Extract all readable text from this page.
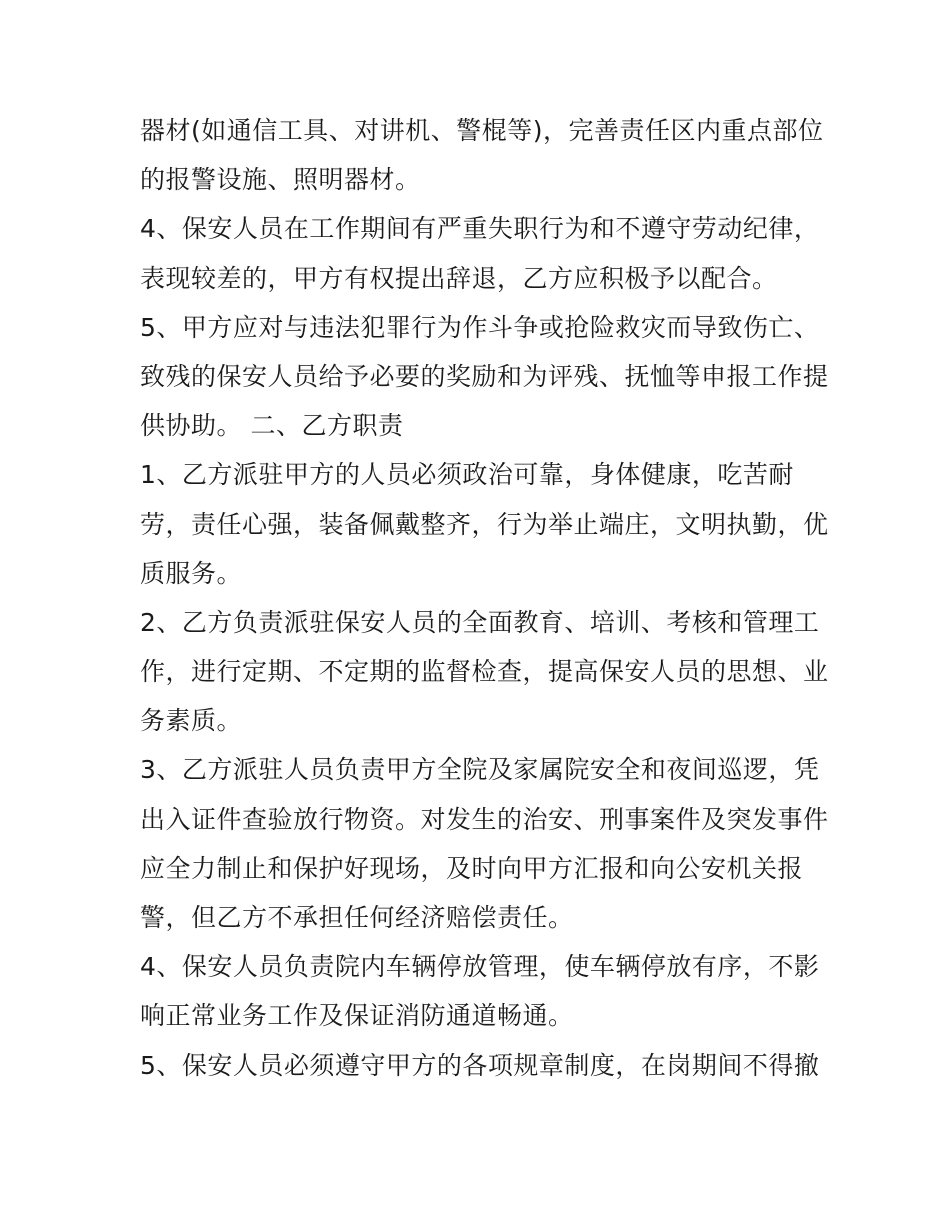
器材(如通信工具、对讲机、警棍等)，完善责任区内重点部位
的报警设施、照明器材。
4、保安人员在工作期间有严重失职行为和不遵守劳动纪律，
表现较差的，甲方有权提出辞退，乙方应积极予以配合。
5、甲方应对与违法犯罪行为作斗争或抢险救灾而导致伤亡、
致残的保安人员给予必要的奖励和为评残、抚恤等申报工作提
供协助。 二、乙方职责
1、乙方派驻甲方的人员必须政治可靠，身体健康，吃苦耐
劳，责任心强，装备佩戴整齐，行为举止端庄，文明执勤，优
质服务。
2、乙方负责派驻保安人员的全面教育、培训、考核和管理工
作，进行定期、不定期的监督检查，提高保安人员的思想、业
务素质。
3、乙方派驻人员负责甲方全院及家属院安全和夜间巡逻，凭
出入证件查验放行物资。对发生的治安、刑事案件及突发事件
应全力制止和保护好现场，及时向甲方汇报和向公安机关报
警，但乙方不承担任何经济赔偿责任。
4、保安人员负责院内车辆停放管理，使车辆停放有序，不影
响正常业务工作及保证消防通道畅通。
5、保安人员必须遵守甲方的各项规章制度，在岗期间不得撤
